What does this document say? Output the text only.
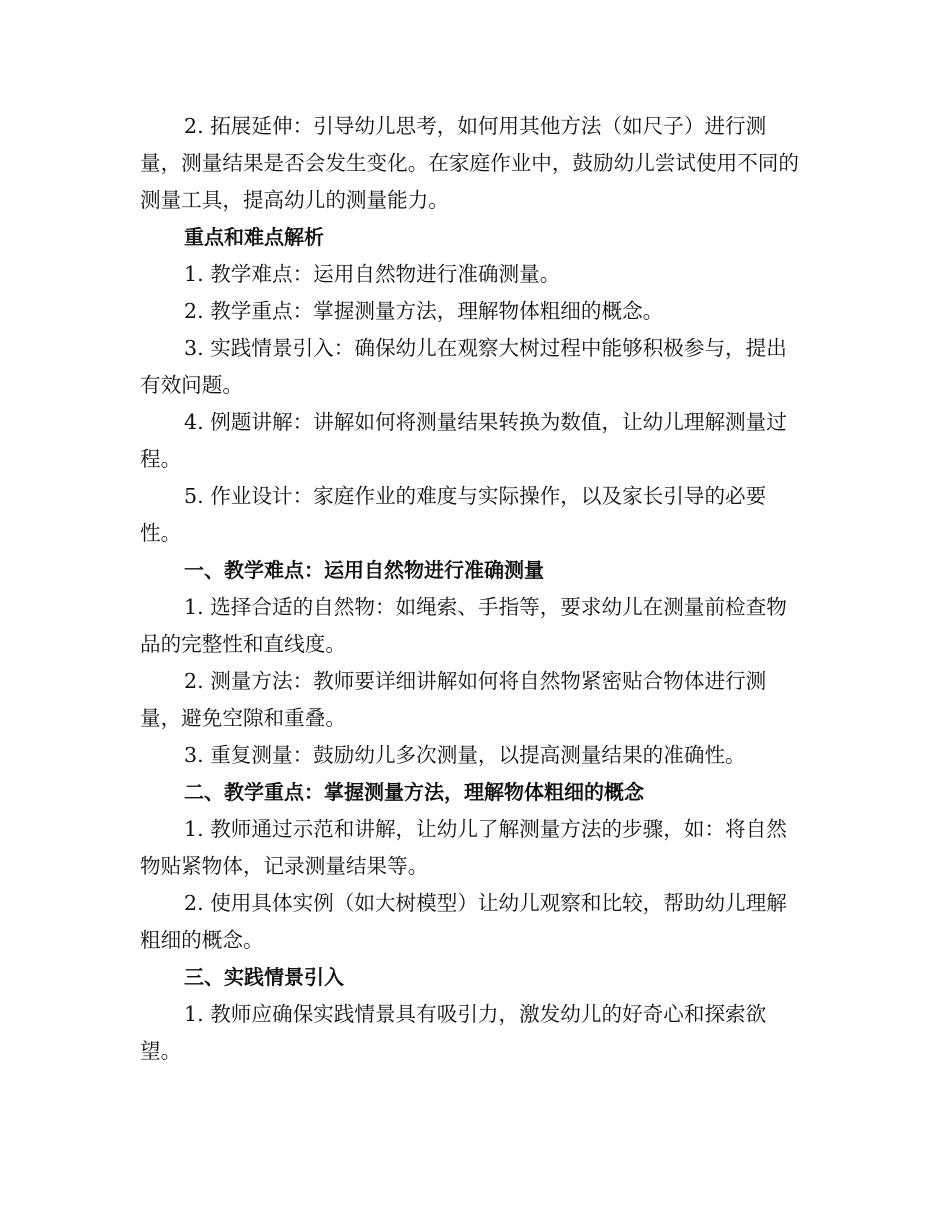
2. 拓展延伸：引导幼儿思考，如何用其他方法（如尺子）进行测量，测量结果是否会发生变化。在家庭作业中，鼓励幼儿尝试使用不同的测量工具，提高幼儿的测量能力。

重点和难点解析

1. 教学难点：运用自然物进行准确测量。

2. 教学重点：掌握测量方法，理解物体粗细的概念。

3. 实践情景引入：确保幼儿在观察大树过程中能够积极参与，提出有效问题。

4. 例题讲解：讲解如何将测量结果转换为数值，让幼儿理解测量过程。

5. 作业设计：家庭作业的难度与实际操作，以及家长引导的必要性。

一、教学难点：运用自然物进行准确测量

1. 选择合适的自然物：如绳索、手指等，要求幼儿在测量前检查物品的完整性和直线度。

2. 测量方法：教师要详细讲解如何将自然物紧密贴合物体进行测量，避免空隙和重叠。

3. 重复测量：鼓励幼儿多次测量，以提高测量结果的准确性。

二、教学重点：掌握测量方法，理解物体粗细的概念

1. 教师通过示范和讲解，让幼儿了解测量方法的步骤，如：将自然物贴紧物体，记录测量结果等。

2. 使用具体实例（如大树模型）让幼儿观察和比较，帮助幼儿理解粗细的概念。

三、实践情景引入

1. 教师应确保实践情景具有吸引力，激发幼儿的好奇心和探索欲望。
